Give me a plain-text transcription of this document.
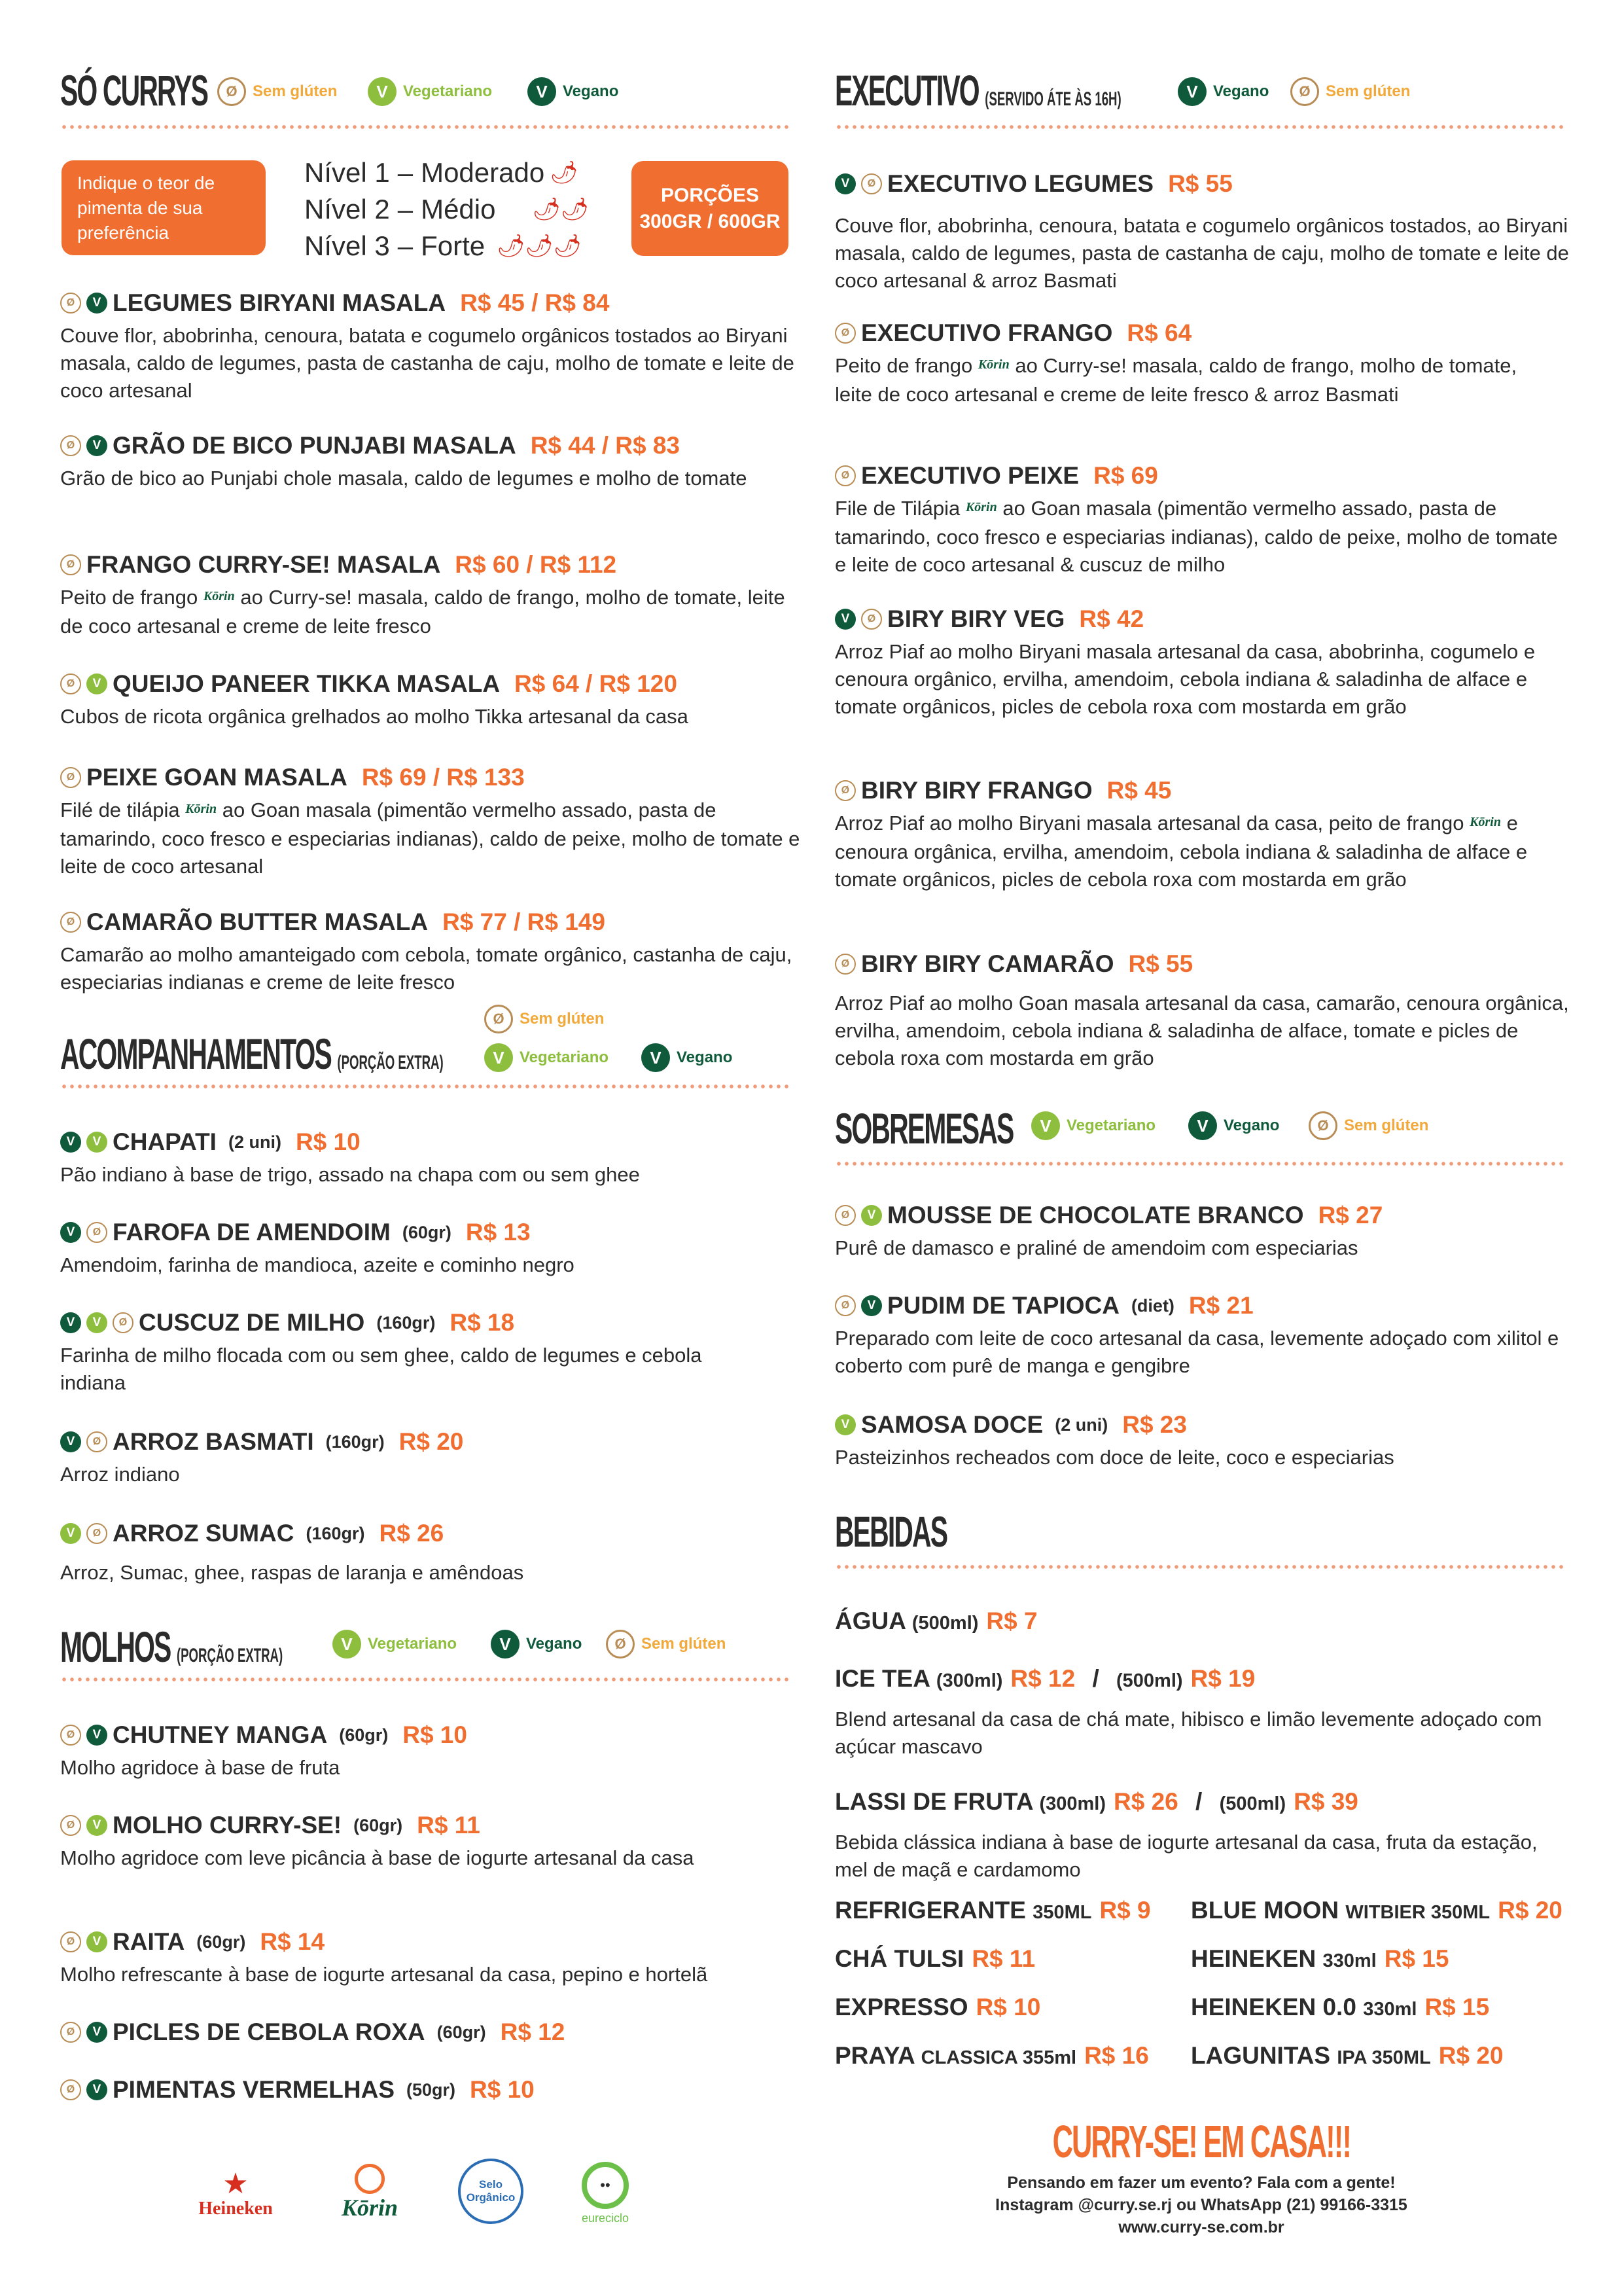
SÓ CURRYS	Ø Sem glúten	V Vegetariano	V Vegano
Indique o teor de pimenta de sua preferência
Nível 1 – Moderado 🌶
Nível 2 – Médio 🌶🌶
Nível 3 – Forte 🌶🌶🌶
PORÇÕES
300GR / 600GR
Ø	V LEGUMES BIRYANI MASALA R$ 45 / R$ 84
Couve flor, abobrinha, cenoura, batata e cogumelo orgânicos tostados ao Biryani masala, caldo de legumes, pasta de castanha de caju, molho de tomate e leite de coco artesanal
Ø	V GRÃO DE BICO PUNJABI MASALA R$ 44 / R$ 83
Grão de bico ao Punjabi chole masala, caldo de legumes e molho de tomate
Ø FRANGO CURRY-SE! MASALA R$ 60 / R$ 112
Peito de frango Kōrin ao Curry-se! masala, caldo de frango, molho de tomate, leite de coco artesanal e creme de leite fresco
Ø	V QUEIJO PANEER TIKKA MASALA R$ 64 / R$ 120
Cubos de ricota orgânica grelhados ao molho Tikka artesanal da casa
Ø PEIXE GOAN MASALA R$ 69 / R$ 133
Filé de tilápia Kōrin ao Goan masala (pimentão vermelho assado, pasta de tamarindo, coco fresco e especiarias indianas), caldo de peixe, molho de tomate e leite de coco artesanal
Ø CAMARÃO BUTTER MASALA R$ 77 / R$ 149
Camarão ao molho amanteigado com cebola, tomate orgânico, castanha de caju, especiarias indianas e creme de leite fresco
ACOMPANHAMENTOS (PORÇÃO EXTRA)
Ø Sem glúten
V Vegetariano	V Vegano
V	V CHAPATI (2 uni) R$ 10
Pão indiano à base de trigo, assado na chapa com ou sem ghee
V	Ø FAROFA DE AMENDOIM (60gr) R$ 13
Amendoim, farinha de mandioca, azeite e cominho negro
V	V	Ø CUSCUZ DE MILHO (160gr) R$ 18
Farinha de milho flocada com ou sem ghee, caldo de legumes e cebola indiana
V	Ø ARROZ BASMATI (160gr) R$ 20
Arroz indiano
V	Ø ARROZ SUMAC (160gr) R$ 26
Arroz, Sumac, ghee, raspas de laranja e amêndoas
MOLHOS (PORÇÃO EXTRA)
V Vegetariano	V Vegano	Ø Sem glúten
Ø	V CHUTNEY MANGA (60gr) R$ 10
Molho agridoce à base de fruta
Ø	V MOLHO CURRY-SE! (60gr) R$ 11
Molho agridoce com leve picância à base de iogurte artesanal da casa
Ø	V RAITA (60gr) R$ 14
Molho refrescante à base de iogurte artesanal da casa, pepino e hortelã
Ø	V PICLES DE CEBOLA ROXA (60gr) R$ 12
Ø	V PIMENTAS VERMELHAS (50gr) R$ 10
★
Heineken	Kōrin
Selo Orgânico
••
eureciclo
EXECUTIVO (SERVIDO ÁTE ÀS 16H)	V Vegano	Ø Sem glúten
V	Ø EXECUTIVO LEGUMES R$ 55
Couve flor, abobrinha, cenoura, batata e cogumelo orgânicos tostados, ao Biryani masala, caldo de legumes, pasta de castanha de caju, molho de tomate e leite de coco artesanal & arroz Basmati
Ø EXECUTIVO FRANGO R$ 64
Peito de frango Kōrin ao Curry-se! masala, caldo de frango, molho de tomate, leite de coco artesanal e creme de leite fresco & arroz Basmati
Ø EXECUTIVO PEIXE R$ 69
File de Tilápia Kōrin ao Goan masala (pimentão vermelho assado, pasta de tamarindo, coco fresco e especiarias indianas), caldo de peixe, molho de tomate e leite de coco artesanal & cuscuz de milho
V	Ø BIRY BIRY VEG R$ 42
Arroz Piaf ao molho Biryani masala artesanal da casa, abobrinha, cogumelo e cenoura orgânico, ervilha, amendoim, cebola indiana & saladinha de alface e tomate orgânicos, picles de cebola roxa com mostarda em grão
Ø BIRY BIRY FRANGO R$ 45
Arroz Piaf ao molho Biryani masala artesanal da casa, peito de frango Kōrin e cenoura orgânica, ervilha, amendoim, cebola indiana & saladinha de alface e tomate orgânicos, picles de cebola roxa com mostarda em grão
Ø BIRY BIRY CAMARÃO R$ 55
Arroz Piaf ao molho Goan masala artesanal da casa, camarão, cenoura orgânica, ervilha, amendoim, cebola indiana & saladinha de alface, tomate e picles de cebola roxa com mostarda em grão
SOBREMESAS	V Vegetariano	V Vegano	Ø Sem glúten
Ø	V MOUSSE DE CHOCOLATE BRANCO R$ 27
Purê de damasco e praliné de amendoim com especiarias
Ø	V PUDIM DE TAPIOCA (diet) R$ 21
Preparado com leite de coco artesanal da casa, levemente adoçado com xilitol e coberto com purê de manga e gengibre
V SAMOSA DOCE (2 uni) R$ 23
Pasteizinhos recheados com doce de leite, coco e especiarias
BEBIDAS
ÁGUA (500ml) R$ 7
ICE TEA (300ml) R$ 12 / (500ml) R$ 19
Blend artesanal da casa de chá mate, hibisco e limão levemente adoçado com açúcar mascavo
LASSI DE FRUTA (300ml) R$ 26 / (500ml) R$ 39
Bebida clássica indiana à base de iogurte artesanal da casa, fruta da estação, mel de maçã e cardamomo
REFRIGERANTE 350ML R$ 9 BLUE MOON WITBIER 350ML R$ 20
CHÁ TULSI R$ 11	HEINEKEN 330ml R$ 15
EXPRESSO R$ 10	HEINEKEN 0.0 330ml R$ 15
PRAYA CLASSICA 355ml R$ 16 LAGUNITAS IPA 350ML R$ 20
CURRY-SE! EM CASA!!!
Pensando em fazer um evento? Fala com a gente!
Instagram @curry.se.rj ou WhatsApp (21) 99166-3315
www.curry-se.com.br
